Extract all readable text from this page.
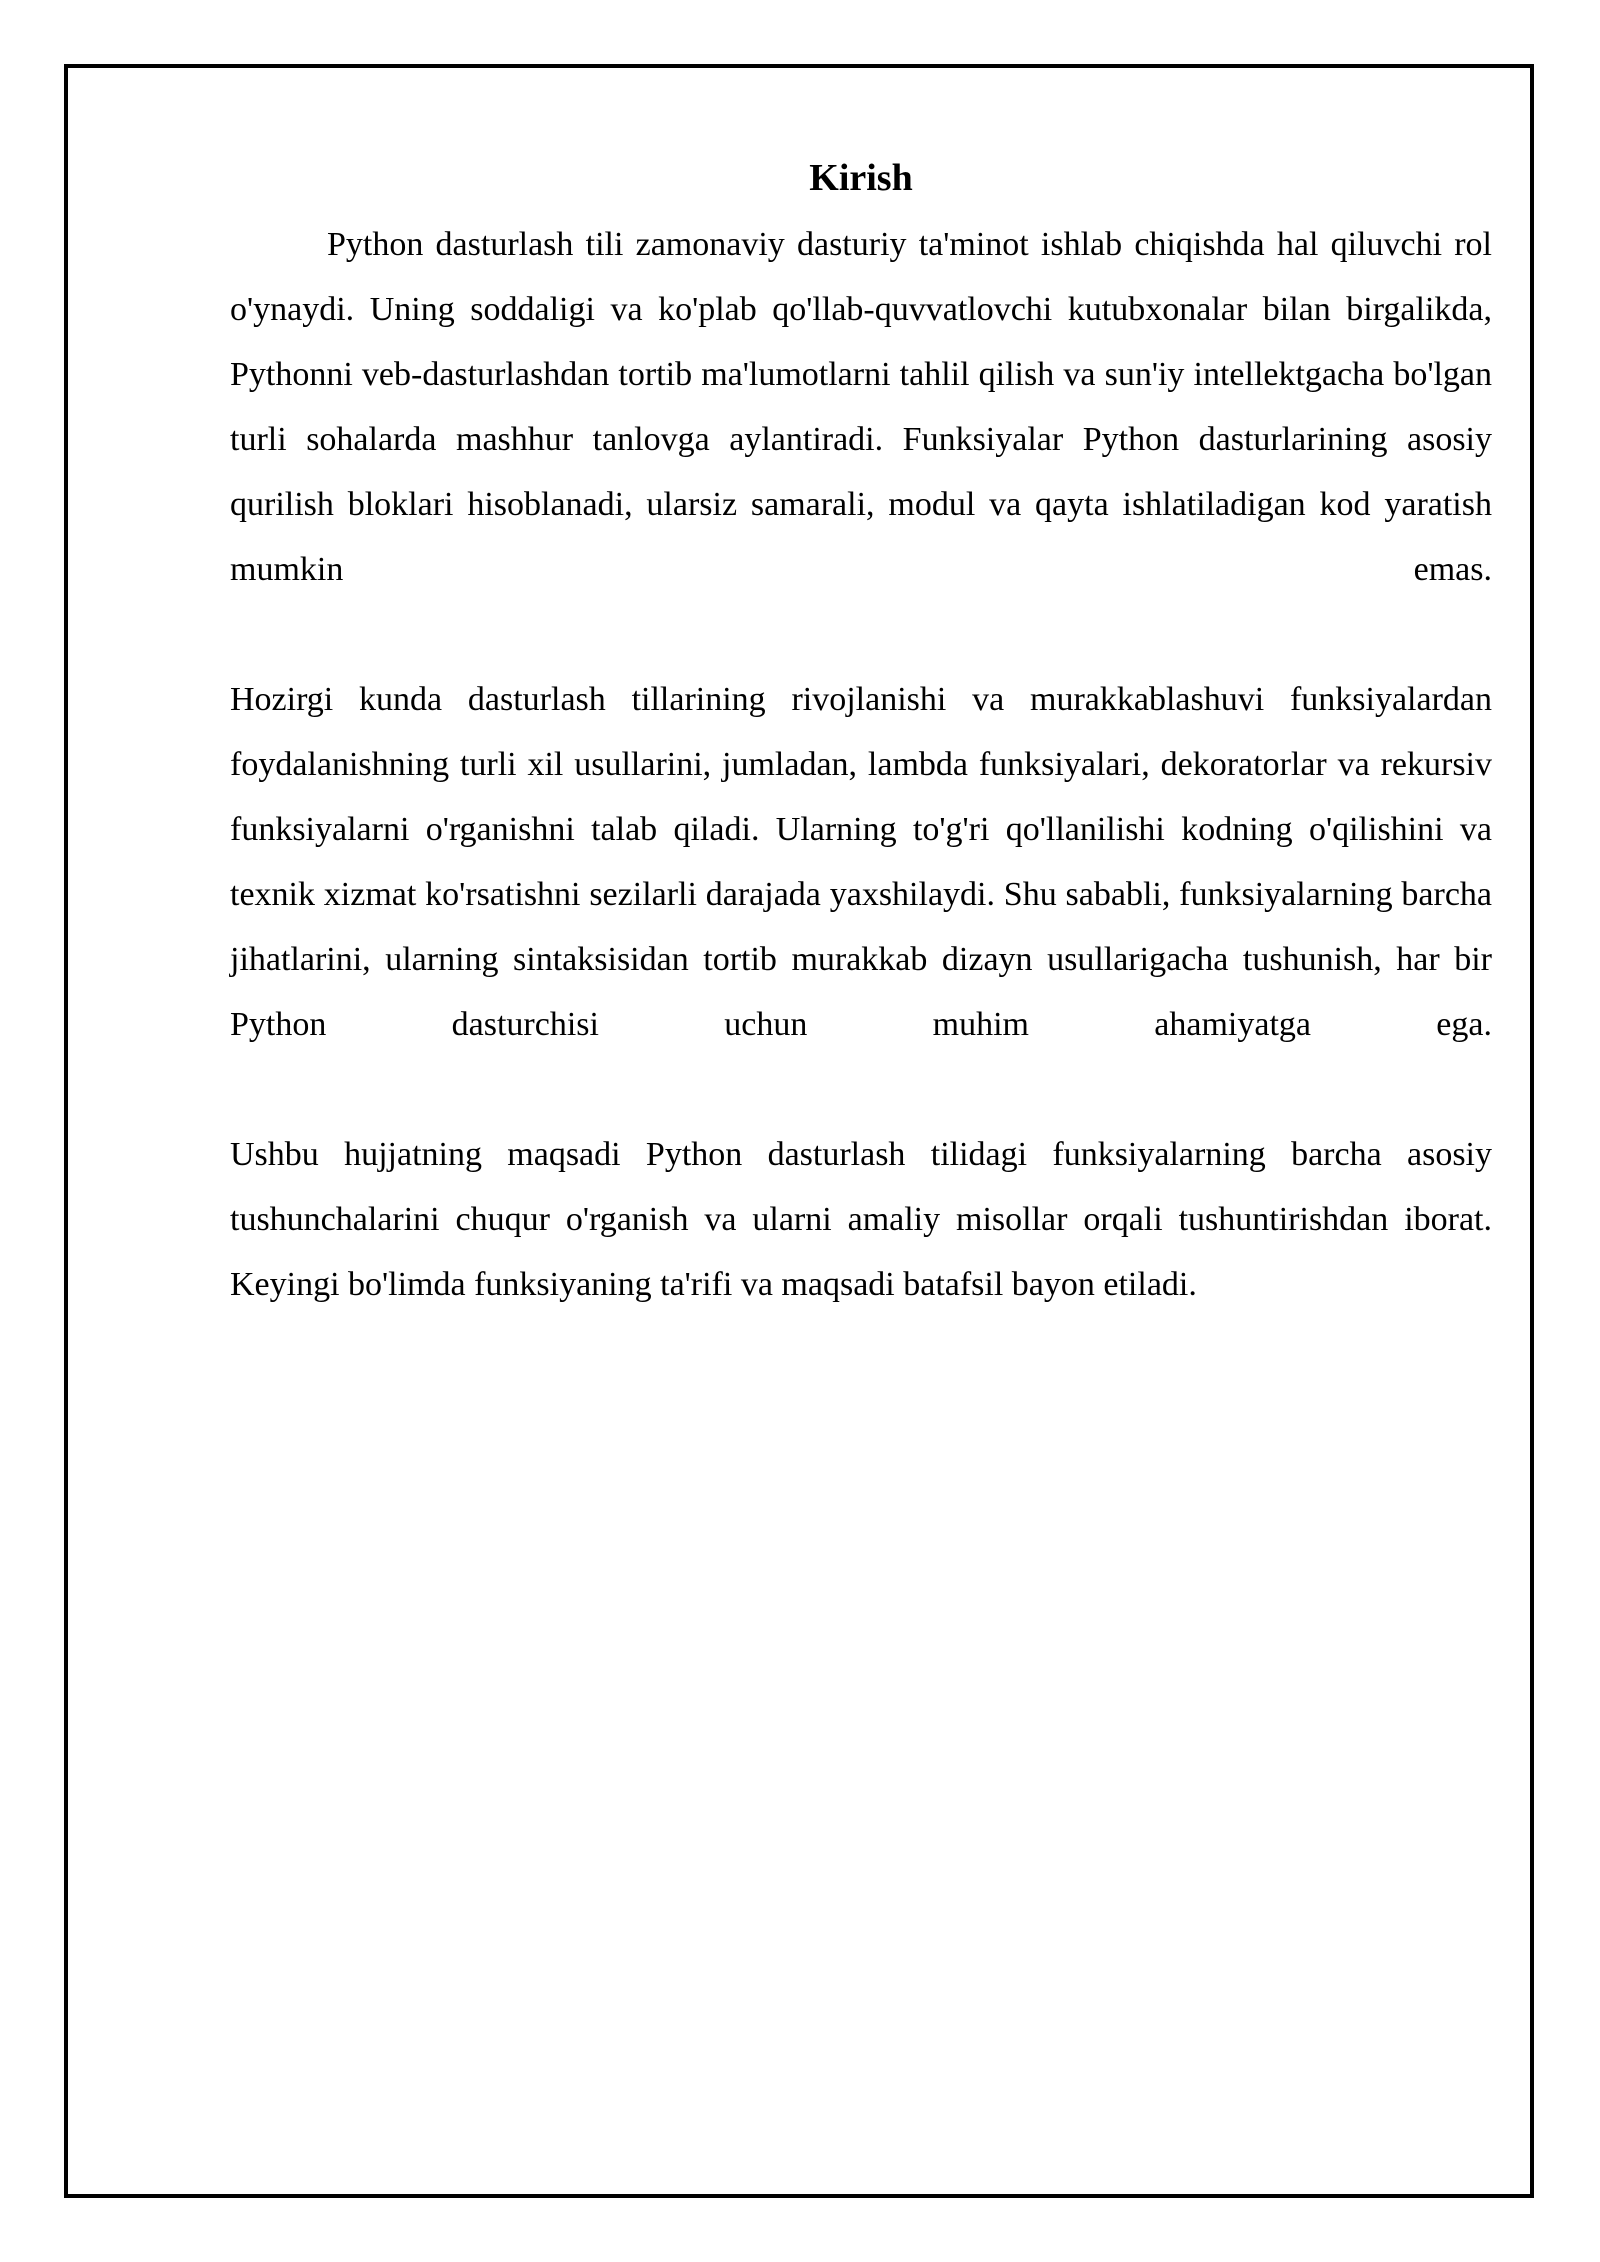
Kirish

Python dasturlash tili zamonaviy dasturiy ta'minot ishlab chiqishda hal qiluvchi rol o'ynaydi. Uning soddaligi va ko'plab qo'llab-quvvatlovchi kutubxonalar bilan birgalikda, Pythonni veb-dasturlashdan tortib ma'lumotlarni tahlil qilish va sun'iy intellektgacha bo'lgan turli sohalarda mashhur tanlovga aylantiradi. Funksiyalar Python dasturlarining asosiy qurilish bloklari hisoblanadi, ularsiz samarali, modul va qayta ishlatiladigan kod yaratish mumkin emas.

Hozirgi kunda dasturlash tillarining rivojlanishi va murakkablashuvi funksiyalardan foydalanishning turli xil usullarini, jumladan, lambda funksiyalari, dekoratorlar va rekursiv funksiyalarni o'rganishni talab qiladi. Ularning to'g'ri qo'llanilishi kodning o'qilishini va texnik xizmat ko'rsatishni sezilarli darajada yaxshilaydi. Shu sababli, funksiyalarning barcha jihatlarini, ularning sintaksisidan tortib murakkab dizayn usullarigacha tushunish, har bir Python dasturchisi uchun muhim ahamiyatga ega.

Ushbu hujjatning maqsadi Python dasturlash tilidagi funksiyalarning barcha asosiy tushunchalarini chuqur o'rganish va ularni amaliy misollar orqali tushuntirishdan iborat. Keyingi bo'limda funksiyaning ta'rifi va maqsadi batafsil bayon etiladi.
